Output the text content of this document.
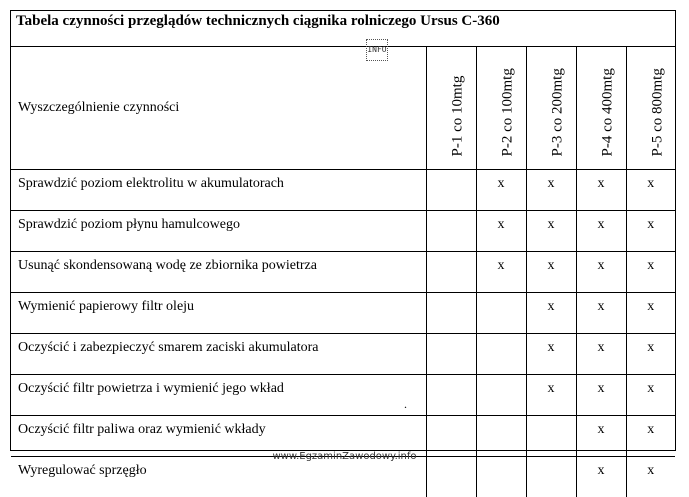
Tabela czynności przeglądów technicznych ciągnika rolniczego Ursus C-360
Wyszczególnienie czynności	P-1 co 10mtg	P-2 co 100mtg	P-3 co 200mtg	P-4 co 400mtg	P-5 co 800mtg

Sprawdzić poziom elektrolitu w akumulatorach		x	x	x	x
Sprawdzić poziom płynu hamulcowego		x	x	x	x
Usunąć skondensowaną wodę ze zbiornika powietrza		x	x	x	x
Wymienić papierowy filtr oleju			x	x	x
Oczyścić i zabezpieczyć smarem zaciski akumulatora			x	x	x
Oczyścić filtr powietrza i wymienić jego wkład			x	x	x
Oczyścić filtr paliwa oraz wymienić wkłady				x	x
Wyregulować sprzęgło				x	x
INFO
.
www.EgzaminZawodowy.info
